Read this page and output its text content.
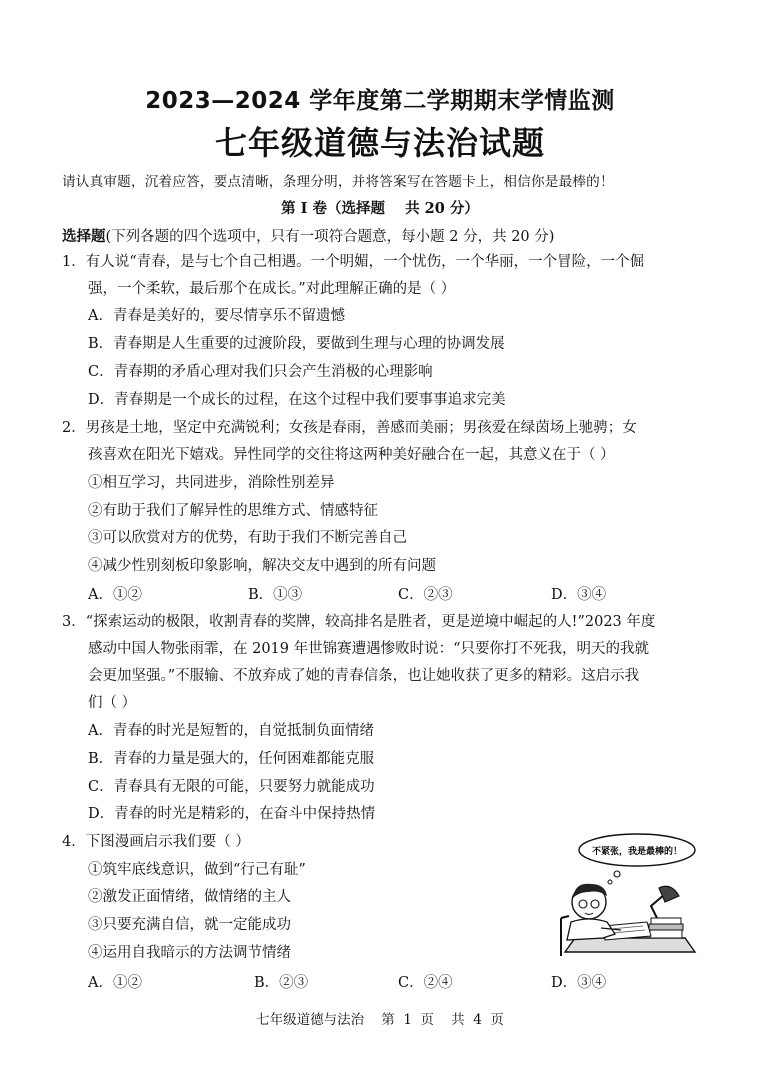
2023—2024 学年度第二学期期末学情监测
七年级道德与法治试题
请认真审题，沉着应答，要点清晰，条理分明，并将答案写在答题卡上，相信你是最棒的！
第 I 卷（选择题    共 20 分）
选择题(下列各题的四个选项中，只有一项符合题意，每小题 2 分，共 20 分)
1．有人说“青春，是与七个自己相遇。一个明媚，一个忧伤，一个华丽，一个冒险，一个倔
强，一个柔软，最后那个在成长。”对此理解正确的是（ ）
A．青春是美好的，要尽情享乐不留遗憾
B．青春期是人生重要的过渡阶段，要做到生理与心理的协调发展
C．青春期的矛盾心理对我们只会产生消极的心理影响
D．青春期是一个成长的过程，在这个过程中我们要事事追求完美
2．男孩是土地，坚定中充满锐利；女孩是春雨，善感而美丽；男孩爱在绿茵场上驰骋；女
孩喜欢在阳光下嬉戏。异性同学的交往将这两种美好融合在一起，其意义在于（ ）
①相互学习，共同进步，消除性别差异
②有助于我们了解异性的思维方式、情感特征
③可以欣赏对方的优势，有助于我们不断完善自己
④减少性别刻板印象影响，解决交友中遇到的所有问题
A．①②	B．①③	C．②③	D．③④
3．“探索运动的极限，收割青春的奖牌，较高排名是胜者，更是逆境中崛起的人!”2023 年度
感动中国人物张雨霏，在 2019 年世锦赛遭遇惨败时说：“只要你打不死我，明天的我就
会更加坚强。”不服输、不放弃成了她的青春信条，也让她收获了更多的精彩。这启示我
们（ ）
A．青春的时光是短暂的，自觉抵制负面情绪
B．青春的力量是强大的，任何困难都能克服
C．青春具有无限的可能，只要努力就能成功
D．青春的时光是精彩的，在奋斗中保持热情
4．下图漫画启示我们要（ ）
①筑牢底线意识，做到“行己有耻”
②激发正面情绪，做情绪的主人
③只要充满自信，就一定能成功
④运用自我暗示的方法调节情绪
A．①②	B．②③	C．②④	D．③④
不紧张，我是最棒的！
七年级道德与法治    第  1  页    共  4  页
